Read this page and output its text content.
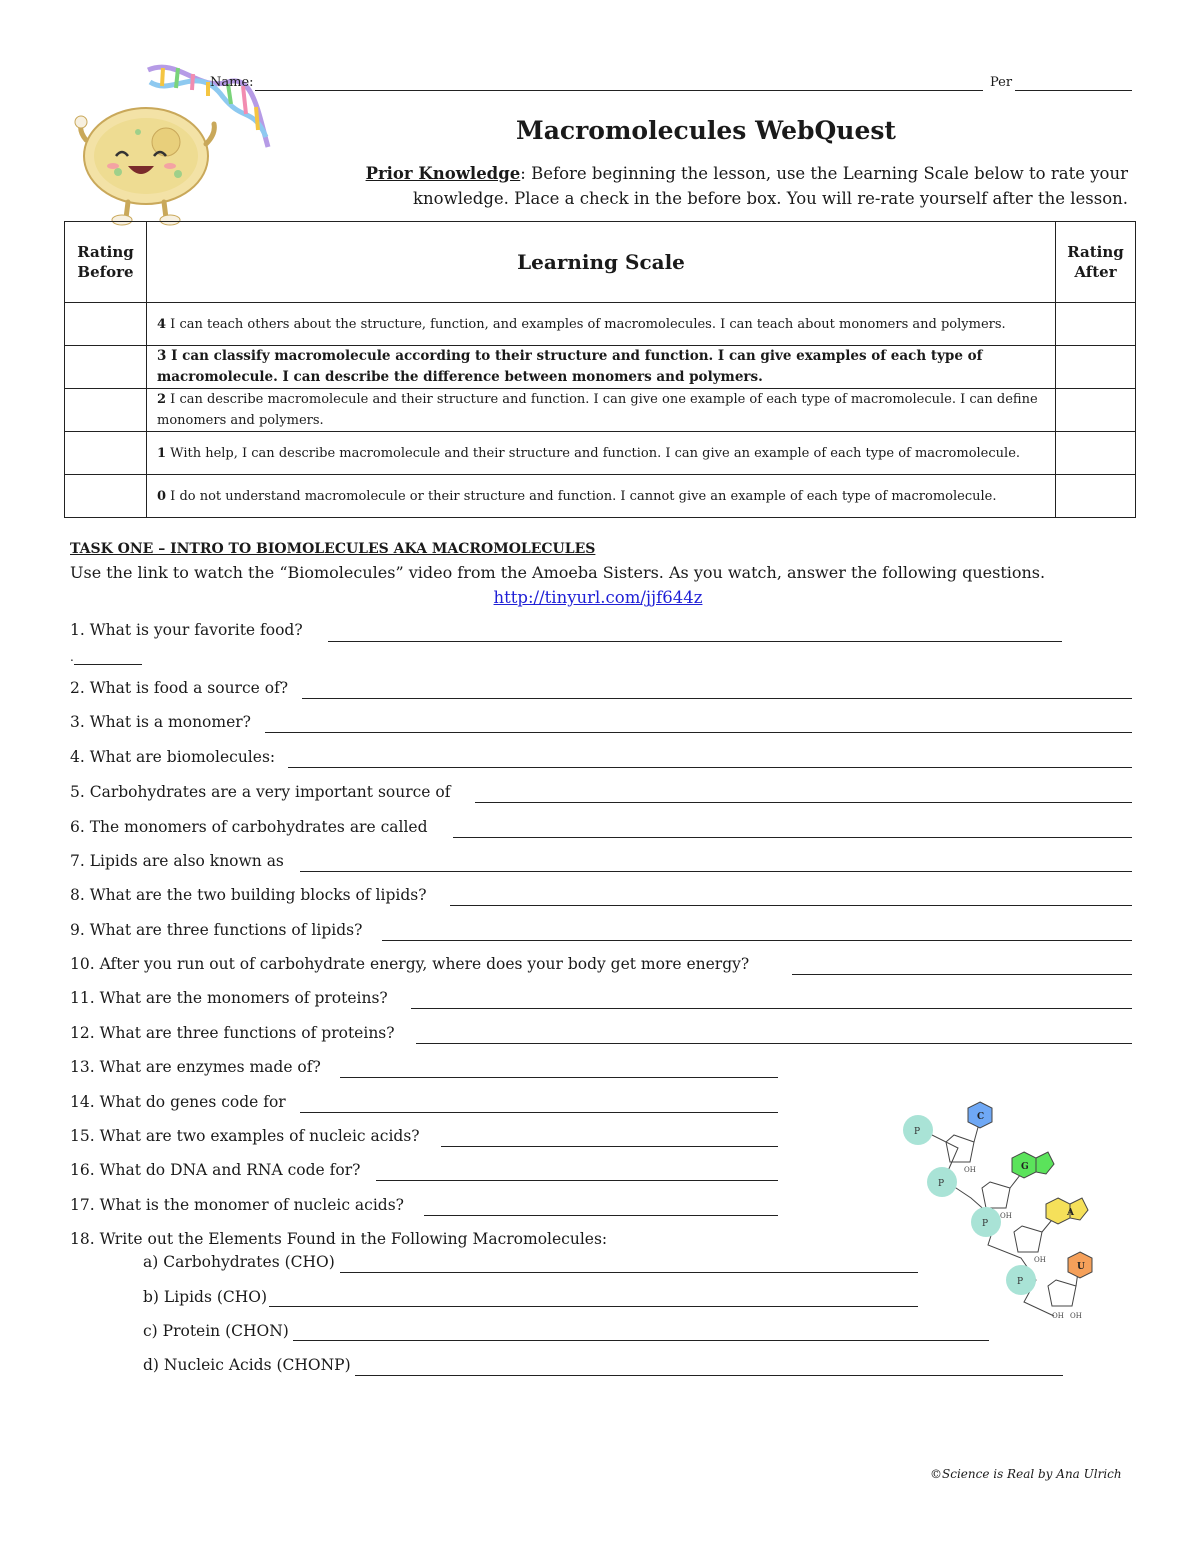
Name:	Per
Macromolecules WebQuest
Prior Knowledge: Before beginning the lesson, use the Learning Scale below to rate your
knowledge. Place a check in the before box. You will re-rate yourself after the lesson.
Rating Before	Learning Scale	Rating After
	4 I can teach others about the structure, function, and examples of macromolecules. I can teach about monomers and polymers.	
	3 I can classify macromolecule according to their structure and function. I can give examples of each type of macromolecule. I can describe the difference between monomers and polymers.	
	2 I can describe macromolecule and their structure and function. I can give one example of each type of macromolecule. I can define monomers and polymers.	
	1 With help, I can describe macromolecule and their structure and function. I can give an example of each type of macromolecule.	
	0 I do not understand macromolecule or their structure and function. I cannot give an example of each type of macromolecule.	
TASK ONE – INTRO TO BIOMOLECULES AKA MACROMOLECULES
Use the link to watch the “Biomolecules” video from the Amoeba Sisters. As you watch, answer the following questions.
http://tinyurl.com/jjf644z
1. What is your favorite food?
.
2. What is food a source of?
3. What is a monomer?
4. What are biomolecules:
5. Carbohydrates are a very important source of
6. The monomers of carbohydrates are called
7. Lipids are also known as
8. What are the two building blocks of lipids?
9. What are three functions of lipids?
10. After you run out of carbohydrate energy, where does your body get more energy?
11. What are the monomers of proteins?
12. What are three functions of proteins?
13. What are enzymes made of?
14. What do genes code for
15. What are two examples of nucleic acids?
16. What do DNA and RNA code for?
17. What is the monomer of nucleic acids?
18. Write out the Elements Found in the Following Macromolecules:
a) Carbohydrates (CHO)
b) Lipids (CHO)
c) Protein (CHON)
d) Nucleic Acids (CHONP)
P
P
P
P
C
G
A
U
OH
OH
OH
OH OH
©Science is Real by Ana Ulrich
